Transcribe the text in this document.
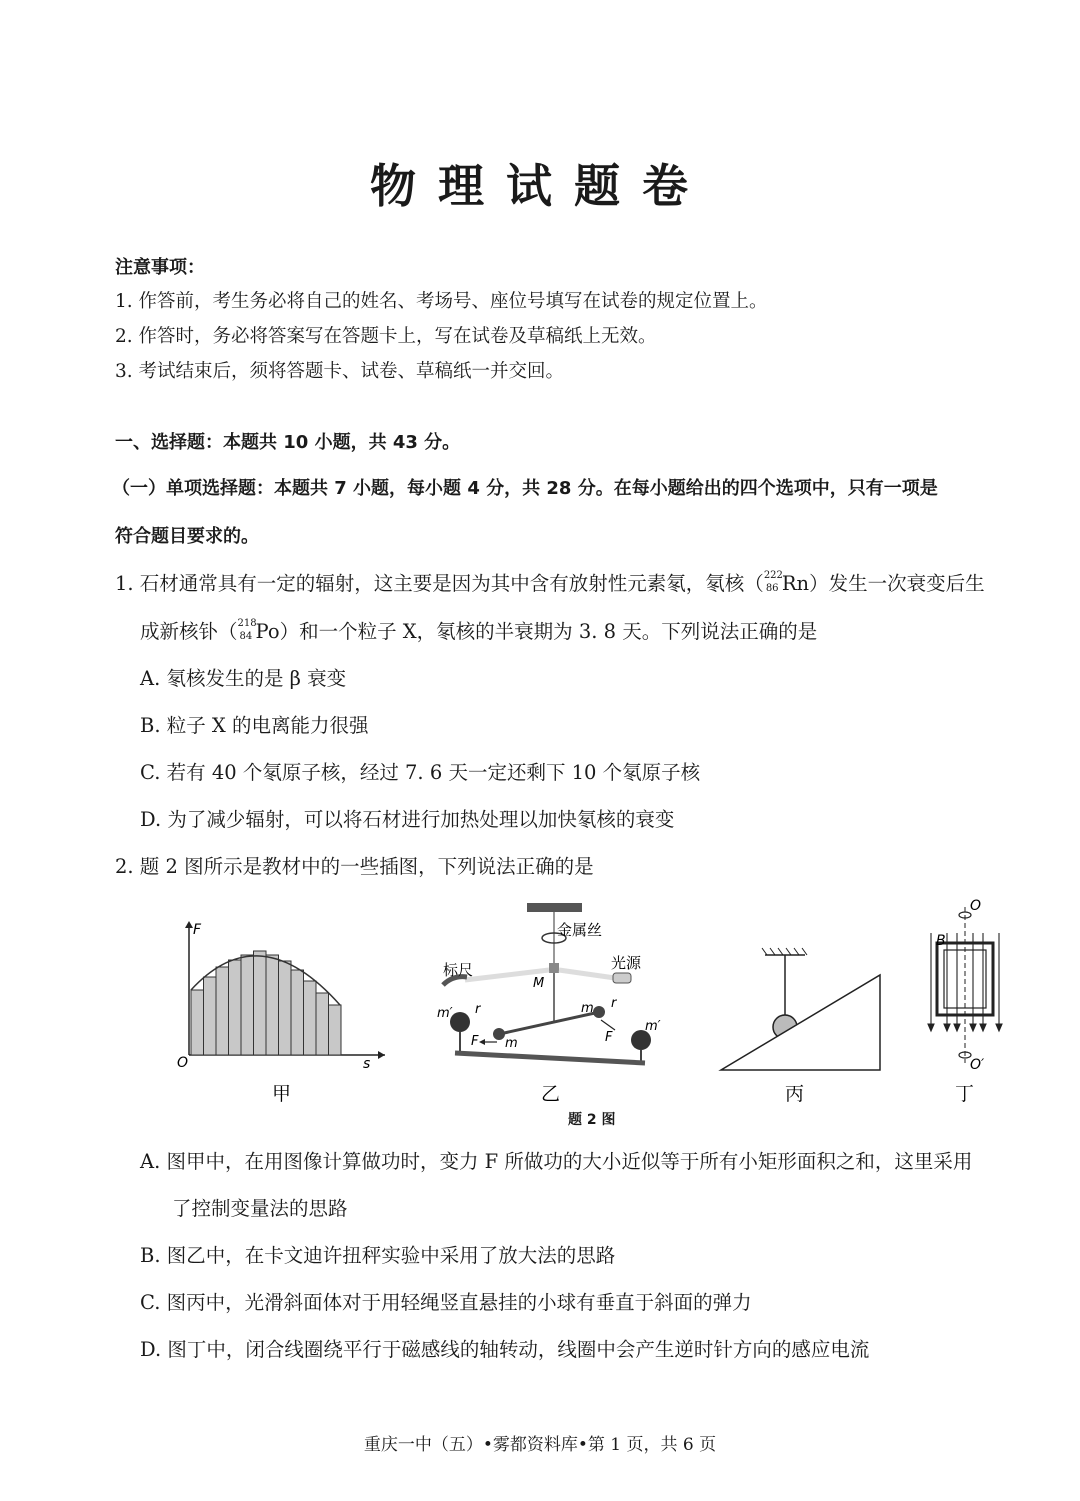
物理试题卷
注意事项：
1. 作答前，考生务必将自己的姓名、考场号、座位号填写在试卷的规定位置上。
2. 作答时，务必将答案写在答题卡上，写在试卷及草稿纸上无效。
3. 考试结束后，须将答题卡、试卷、草稿纸一并交回。
一、选择题：本题共 10 小题，共 43 分。
（一）单项选择题：本题共 7 小题，每小题 4 分，共 28 分。在每小题给出的四个选项中，只有一项是
符合题目要求的。
1. 石材通常具有一定的辐射，这主要是因为其中含有放射性元素氡，氡核（ 222
86 Rn）发生一次衰变后生
成新核钋（ 218
84 Po）和一个粒子 X，氡核的半衰期为 3. 8 天。下列说法正确的是
A. 氡核发生的是 β 衰变
B. 粒子 X 的电离能力很强
C. 若有 40 个氡原子核，经过 7. 6 天一定还剩下 10 个氡原子核
D. 为了减少辐射，可以将石材进行加热处理以加快氡核的衰变
2. 题 2 图所示是教材中的一些插图，下列说法正确的是
F
s
O
甲
金属丝
标尺	光源
M
m′
m′
m
m
r	r
F	F
乙	丙
O
O′
B
丁
题 2 图
A. 图甲中，在用图像计算做功时，变力 F 所做功的大小近似等于所有小矩形面积之和，这里采用
了控制变量法的思路
B. 图乙中，在卡文迪许扭秤实验中采用了放大法的思路
C. 图丙中，光滑斜面体对于用轻绳竖直悬挂的小球有垂直于斜面的弹力
D. 图丁中，闭合线圈绕平行于磁感线的轴转动，线圈中会产生逆时针方向的感应电流
重庆一中（五）•雾都资料库•第 1 页，共 6 页
